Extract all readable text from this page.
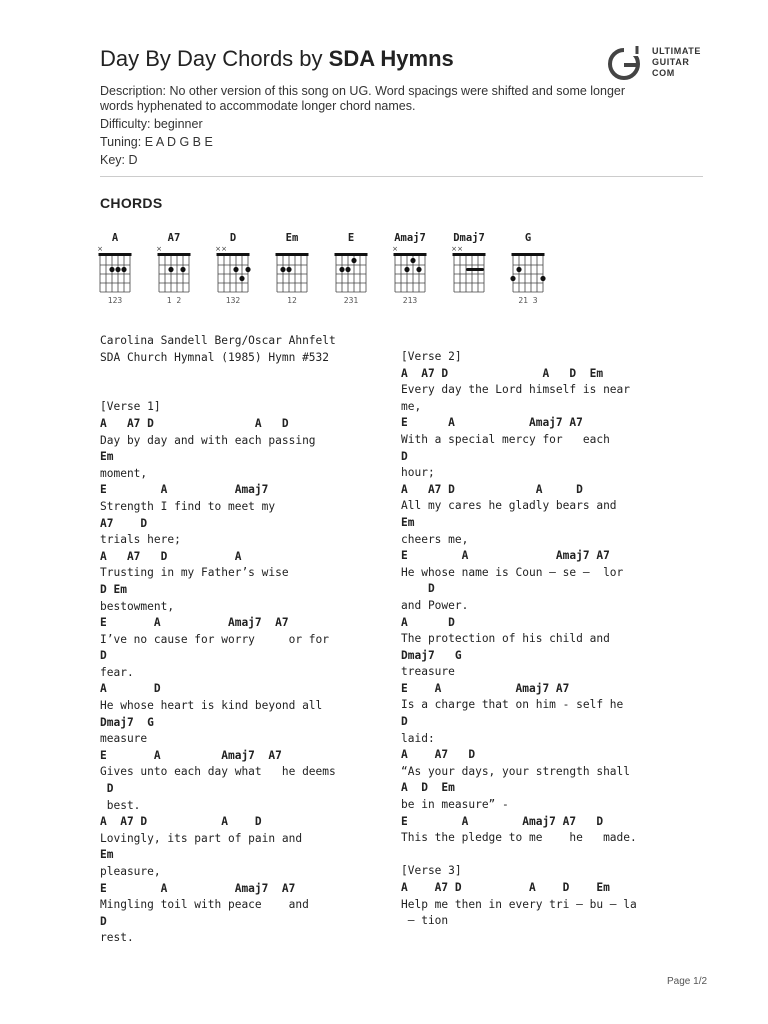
Day By Day Chords by SDA Hymns	ULTIMATE
GUITAR
COM
Description: No other version of this song on UG. Word spacings were shifted and some longer words hyphenated to accommodate longer chord names.
Difficulty: beginner
Tuning: E A D G B E
Key: D
CHORDS
A
×
123
A7
×
1 2
D
× ×
132
Em
12
E
231
Amaj7
×
213
Dmaj7
× ×
G
21 3
Carolina Sandell Berg/Oscar Ahnfelt
SDA Church Hymnal (1985) Hymn #532
[Verse 1]
A   A7 D               A   D
Day by day and with each passing
Em
moment,
E        A          Amaj7
Strength I find to meet my
A7    D
trials here;
A   A7   D          A
Trusting in my Father’s wise
D Em
bestowment,
E       A          Amaj7  A7
I’ve no cause for worry     or for
D
fear.
A       D
He whose heart is kind beyond all
Dmaj7  G
measure
E       A         Amaj7  A7
Gives unto each day what   he deems
D
best.
A  A7 D           A    D
Lovingly, its part of pain and
Em
pleasure,
E        A          Amaj7  A7
Mingling toil with peace    and
D
rest.
[Verse 2]
A  A7 D              A   D  Em
Every day the Lord himself is near
me,
E      A           Amaj7 A7
With a special mercy for   each
D
hour;
A   A7 D            A     D
All my cares he gladly bears and
Em
cheers me,
E        A             Amaj7 A7
He whose name is Coun – se –  lor
D
and Power.
A      D
The protection of his child and
Dmaj7   G
treasure
E    A           Amaj7 A7
Is a charge that on him - self he
D
laid:
A    A7   D
“As your days, your strength shall
A  D  Em
be in measure” -
E        A        Amaj7 A7   D
This the pledge to me    he   made.
[Verse 3]
A    A7 D          A    D    Em
Help me then in every tri – bu – la
– tion
Page 1/2
